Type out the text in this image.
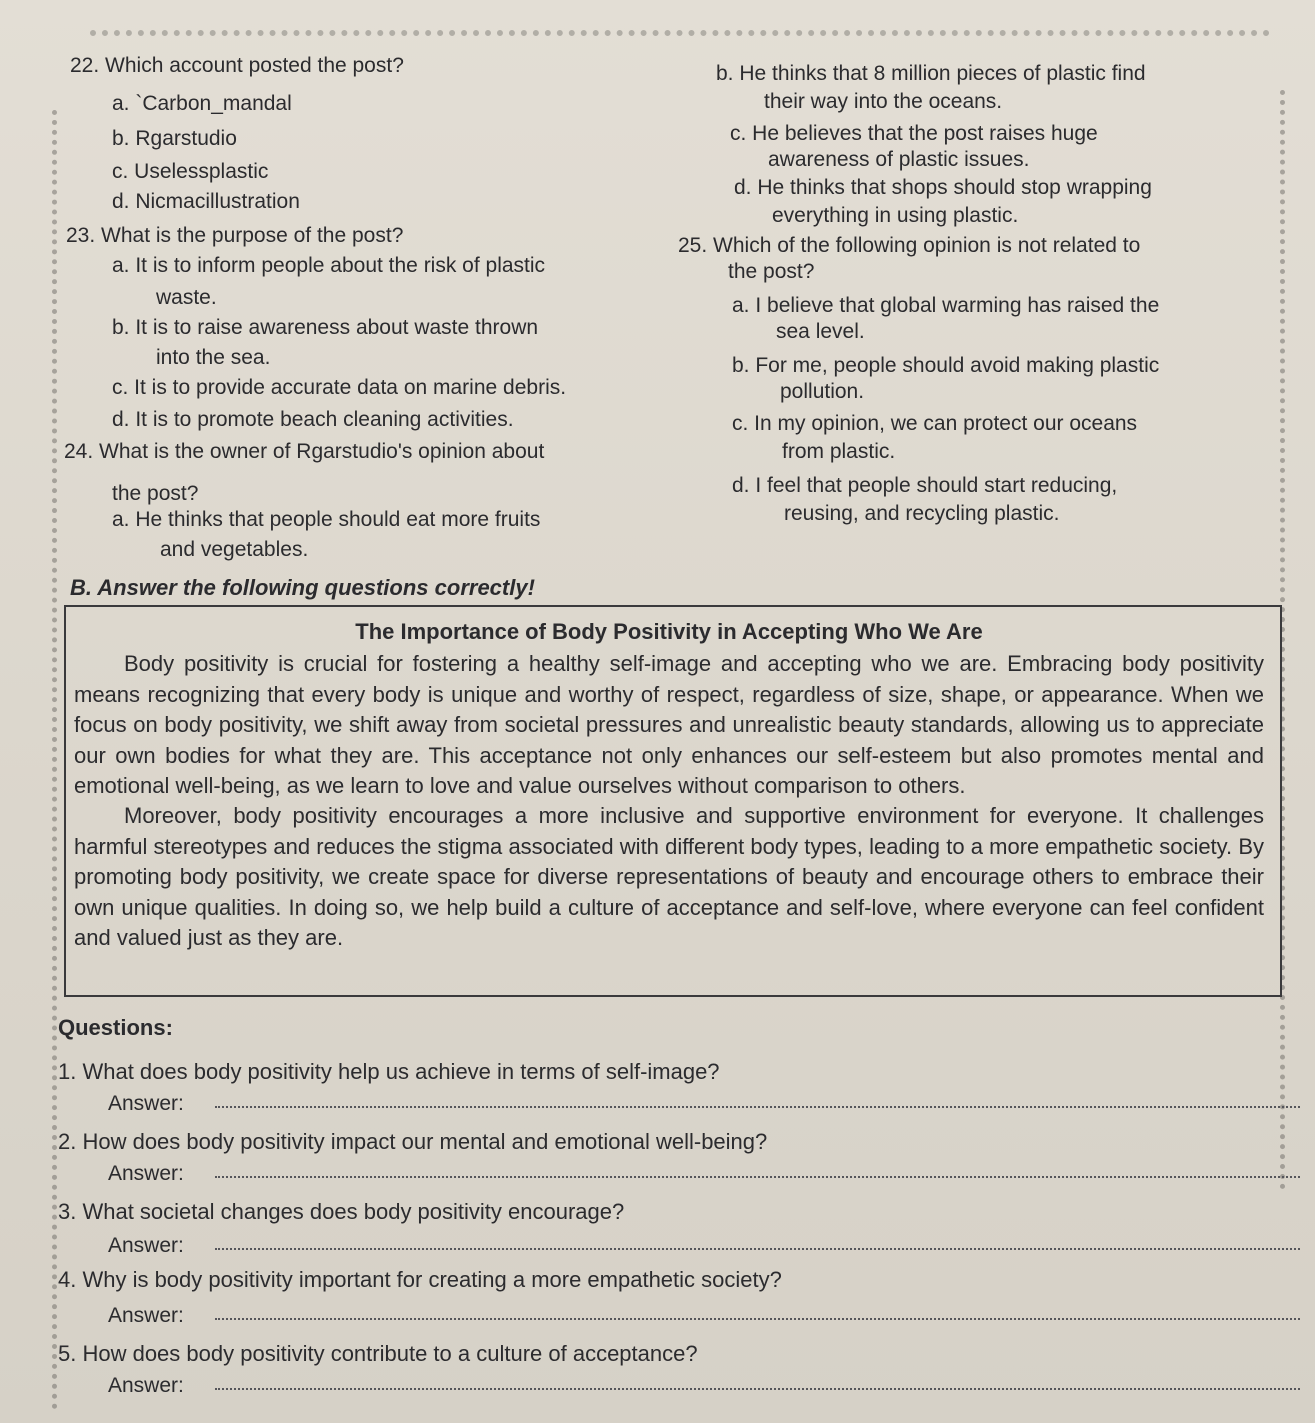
22. Which account posted the post?
a. `Carbon_mandal
b. Rgarstudio
c. Uselessplastic
d. Nicmacillustration
23. What is the purpose of the post?
a. It is to inform people about the risk of plastic
waste.
b. It is to raise awareness about waste thrown
into the sea.
c. It is to provide accurate data on marine debris.
d. It is to promote beach cleaning activities.
24. What is the owner of Rgarstudio's opinion about
the post?
a. He thinks that people should eat more fruits
and vegetables.
b. He thinks that 8 million pieces of plastic find
their way into the oceans.
c. He believes that the post raises huge
awareness of plastic issues.
d. He thinks that shops should stop wrapping
everything in using plastic.
25. Which of the following opinion is not related to
the post?
a. I believe that global warming has raised the
sea level.
b. For me, people should avoid making plastic
pollution.
c. In my opinion, we can protect our oceans
from plastic.
d. I feel that people should start reducing,
reusing, and recycling plastic.
B. Answer the following questions correctly!
The Importance of Body Positivity in Accepting Who We Are

Body positivity is crucial for fostering a healthy self-image and accepting who we are. Embracing body positivity means recognizing that every body is unique and worthy of respect, regardless of size, shape, or appearance. When we focus on body positivity, we shift away from societal pressures and unrealistic beauty standards, allowing us to appreciate our own bodies for what they are. This acceptance not only enhances our self-esteem but also promotes mental and emotional well-being, as we learn to love and value ourselves without comparison to others.

Moreover, body positivity encourages a more inclusive and supportive environment for everyone. It challenges harmful stereotypes and reduces the stigma associated with different body types, leading to a more empathetic society. By promoting body positivity, we create space for diverse representations of beauty and encourage others to embrace their own unique qualities. In doing so, we help build a culture of acceptance and self-love, where everyone can feel confident and valued just as they are.

Questions:
1. What does body positivity help us achieve in terms of self-image?
Answer:
2. How does body positivity impact our mental and emotional well-being?
Answer:
3. What societal changes does body positivity encourage?
Answer:
4. Why is body positivity important for creating a more empathetic society?
Answer:
5. How does body positivity contribute to a culture of acceptance?
Answer:
